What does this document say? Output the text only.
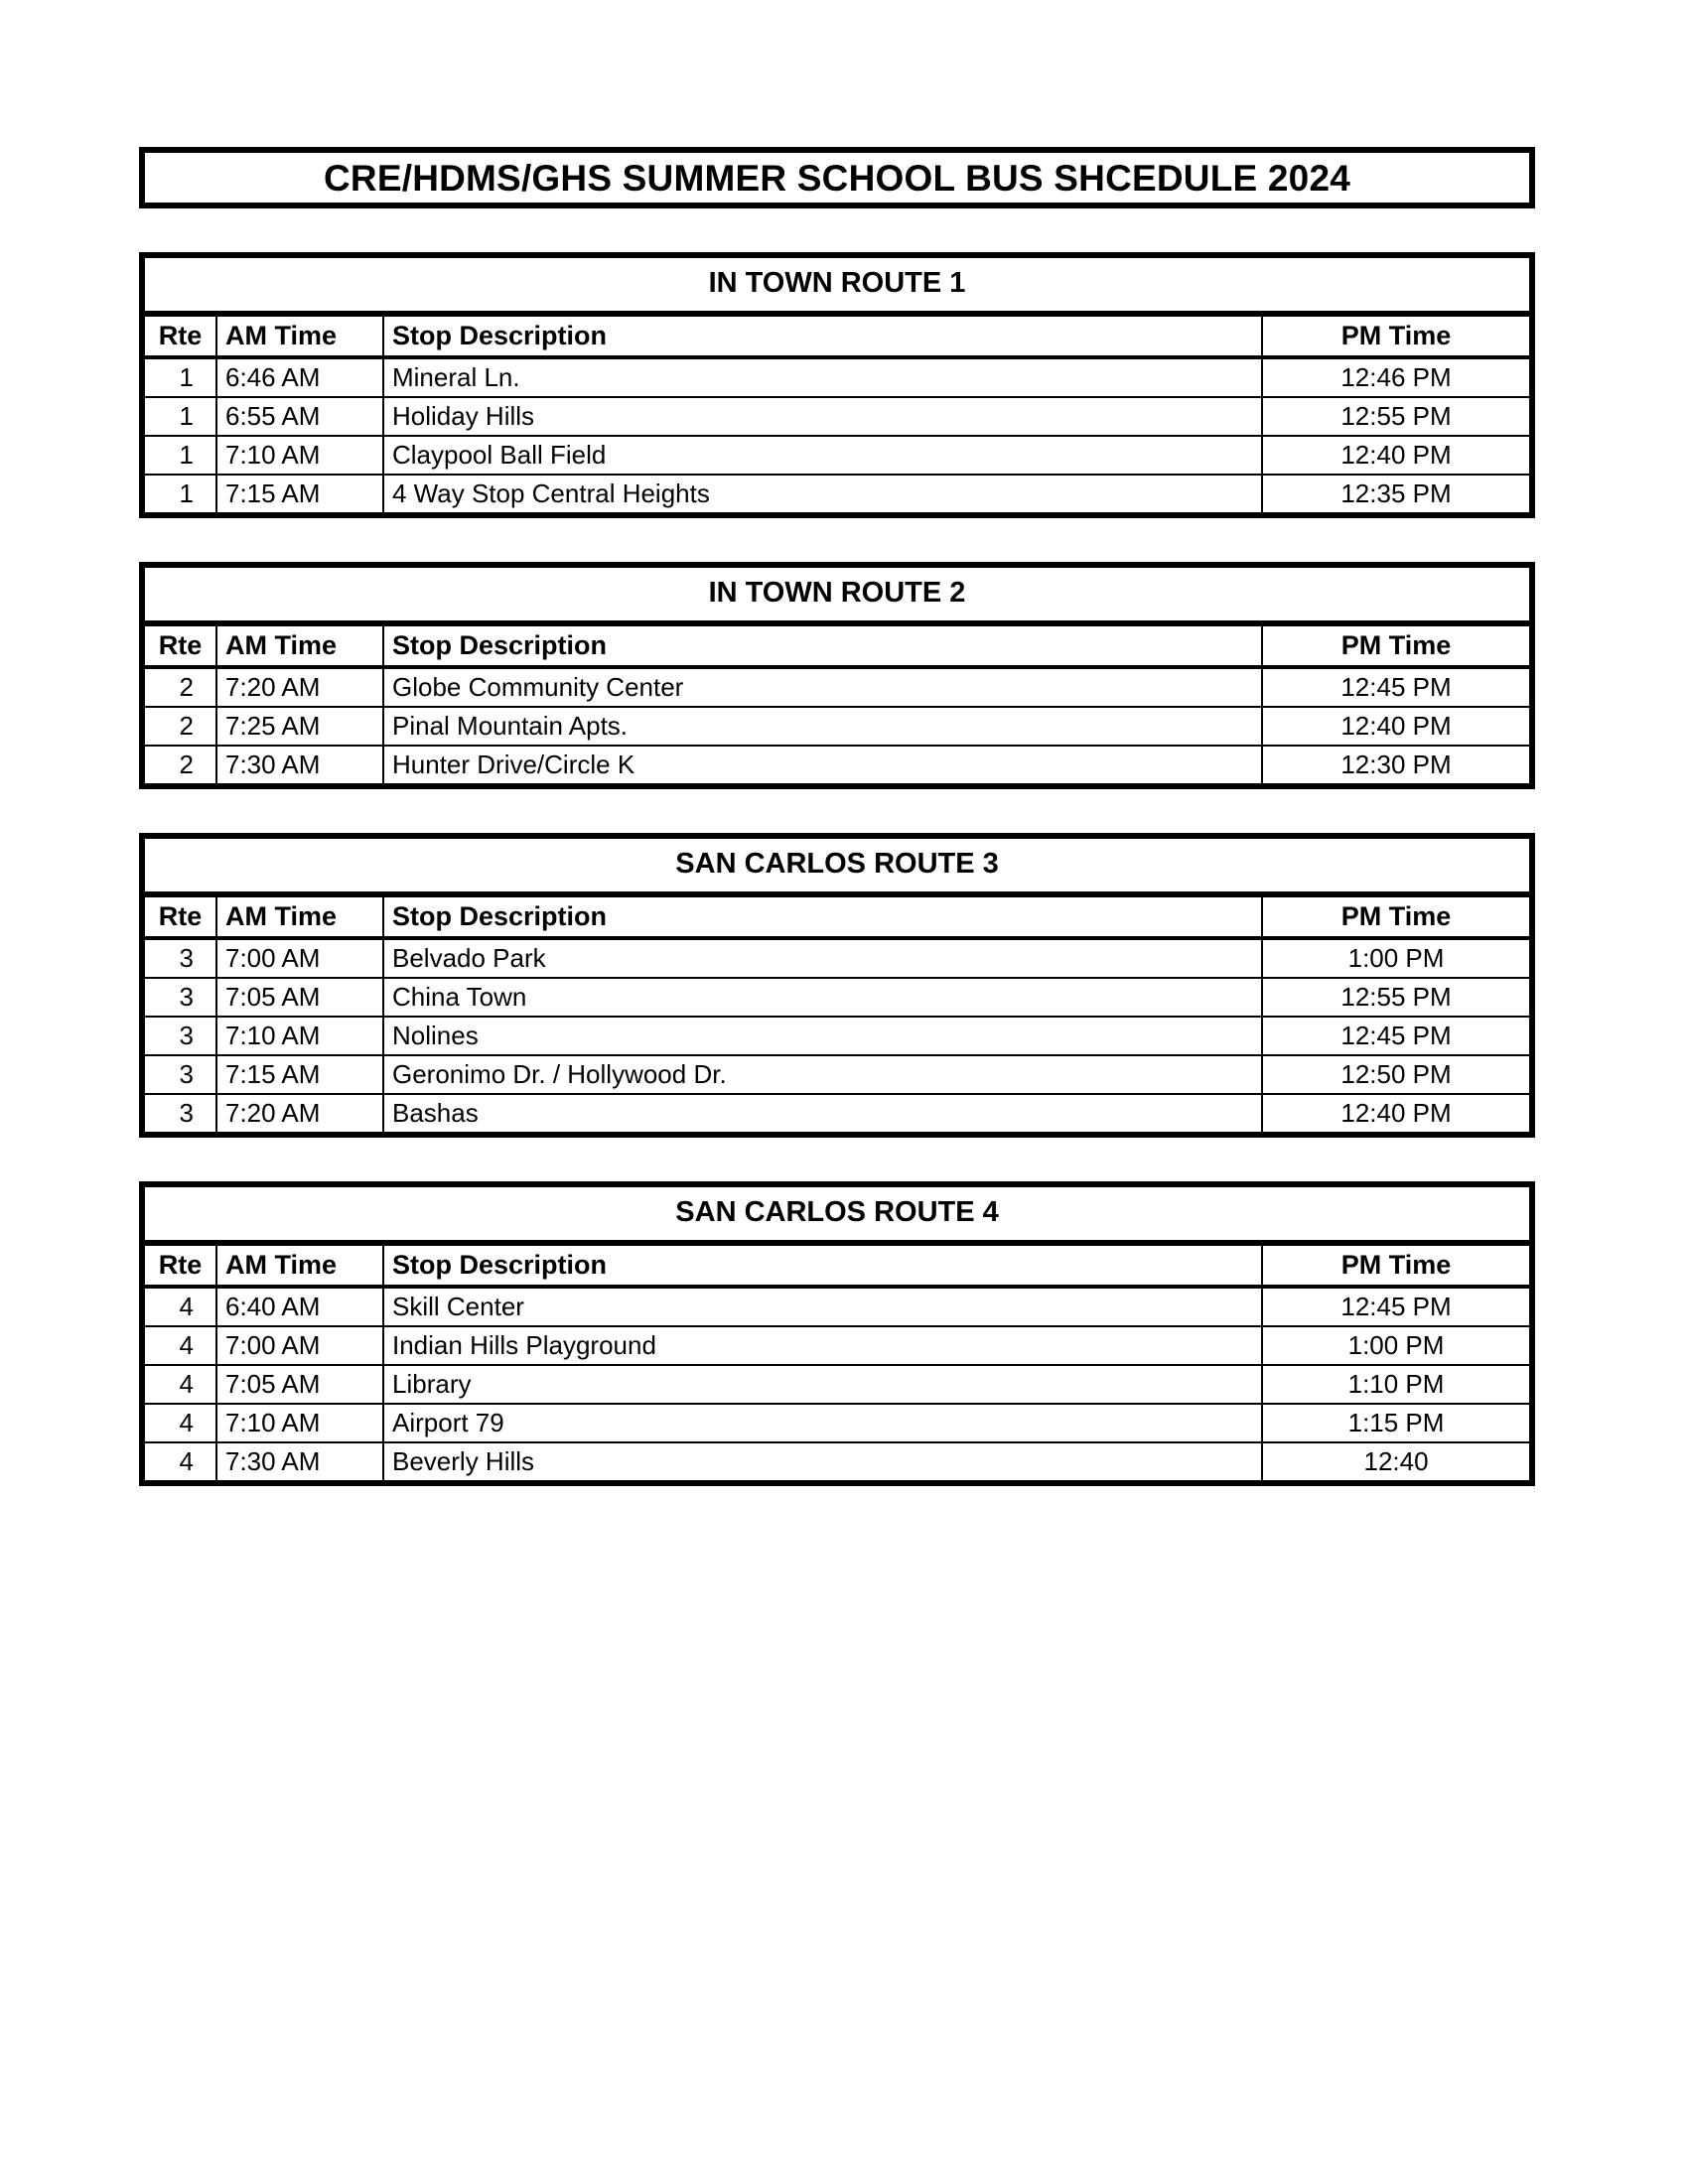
CRE/HDMS/GHS SUMMER SCHOOL BUS SHCEDULE 2024
IN TOWN ROUTE 1			
Rte	AM Time	Stop Description	PM Time
1	6:46 AM	Mineral Ln.	12:46 PM
1	6:55 AM	Holiday Hills	12:55 PM
1	7:10 AM	Claypool Ball Field	12:40 PM
1	7:15 AM	4 Way Stop Central Heights	12:35 PM
IN TOWN ROUTE 2			
Rte	AM Time	Stop Description	PM Time
2	7:20 AM	Globe Community Center	12:45 PM
2	7:25 AM	Pinal Mountain Apts.	12:40 PM
2	7:30 AM	Hunter Drive/Circle K	12:30 PM
SAN CARLOS ROUTE 3			
Rte	AM Time	Stop Description	PM Time
3	7:00 AM	Belvado Park	1:00 PM
3	7:05 AM	China Town	12:55 PM
3	7:10 AM	Nolines	12:45 PM
3	7:15 AM	Geronimo Dr. / Hollywood Dr.	12:50 PM
3	7:20 AM	Bashas	12:40 PM
SAN CARLOS ROUTE 4			
Rte	AM Time	Stop Description	PM Time
4	6:40 AM	Skill Center	12:45 PM
4	7:00 AM	Indian Hills Playground	1:00 PM
4	7:05 AM	Library	1:10 PM
4	7:10 AM	Airport 79	1:15 PM
4	7:30 AM	Beverly Hills	12:40
